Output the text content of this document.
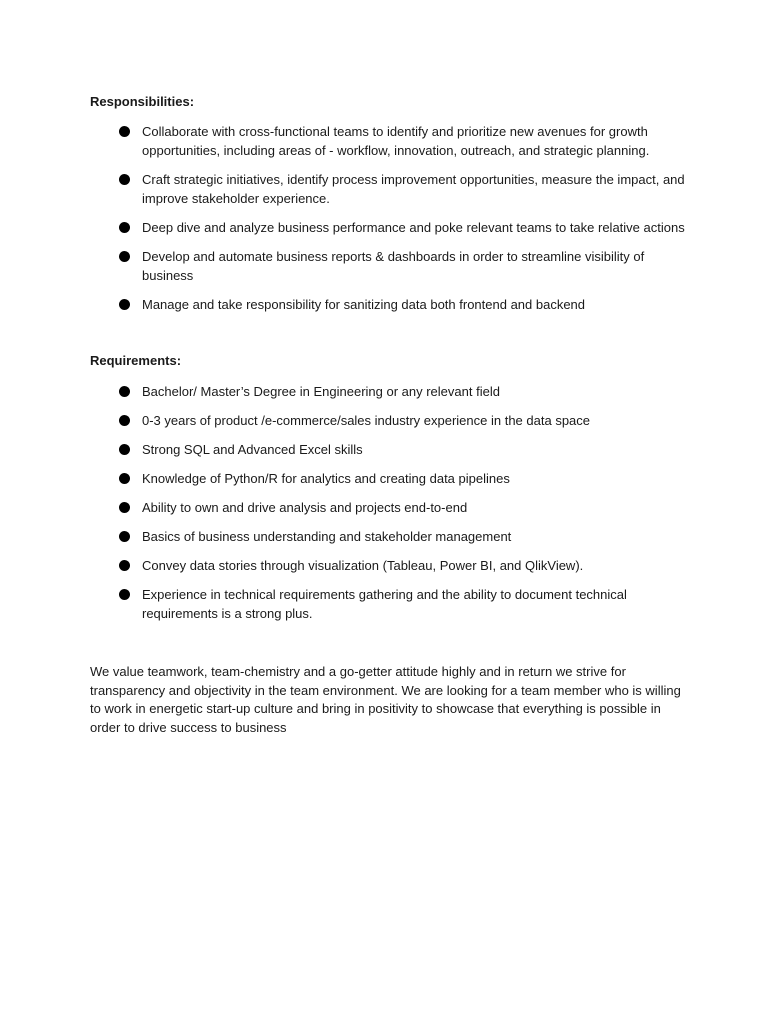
Responsibilities:

Collaborate with cross-functional teams to identify and prioritize new avenues for growth opportunities, including areas of - workflow, innovation, outreach, and strategic planning.
Craft strategic initiatives, identify process improvement opportunities, measure the impact, and improve stakeholder experience.
Deep dive and analyze business performance and poke relevant teams to take relative actions
Develop and automate business reports & dashboards in order to streamline visibility of business
Manage and take responsibility for sanitizing data both frontend and backend

Requirements:

Bachelor/ Master’s Degree in Engineering or any relevant field
0-3 years of product /e-commerce/sales industry experience in the data space
Strong SQL and Advanced Excel skills
Knowledge of Python/R for analytics and creating data pipelines
Ability to own and drive analysis and projects end-to-end
Basics of business understanding and stakeholder management
Convey data stories through visualization (Tableau, Power BI, and QlikView).
Experience in technical requirements gathering and the ability to document technical requirements is a strong plus.

We value teamwork, team-chemistry and a go-getter attitude highly and in return we strive for transparency and objectivity in the team environment. We are looking for a team member who is willing to work in energetic start-up culture and bring in positivity to showcase that everything is possible in order to drive success to business
